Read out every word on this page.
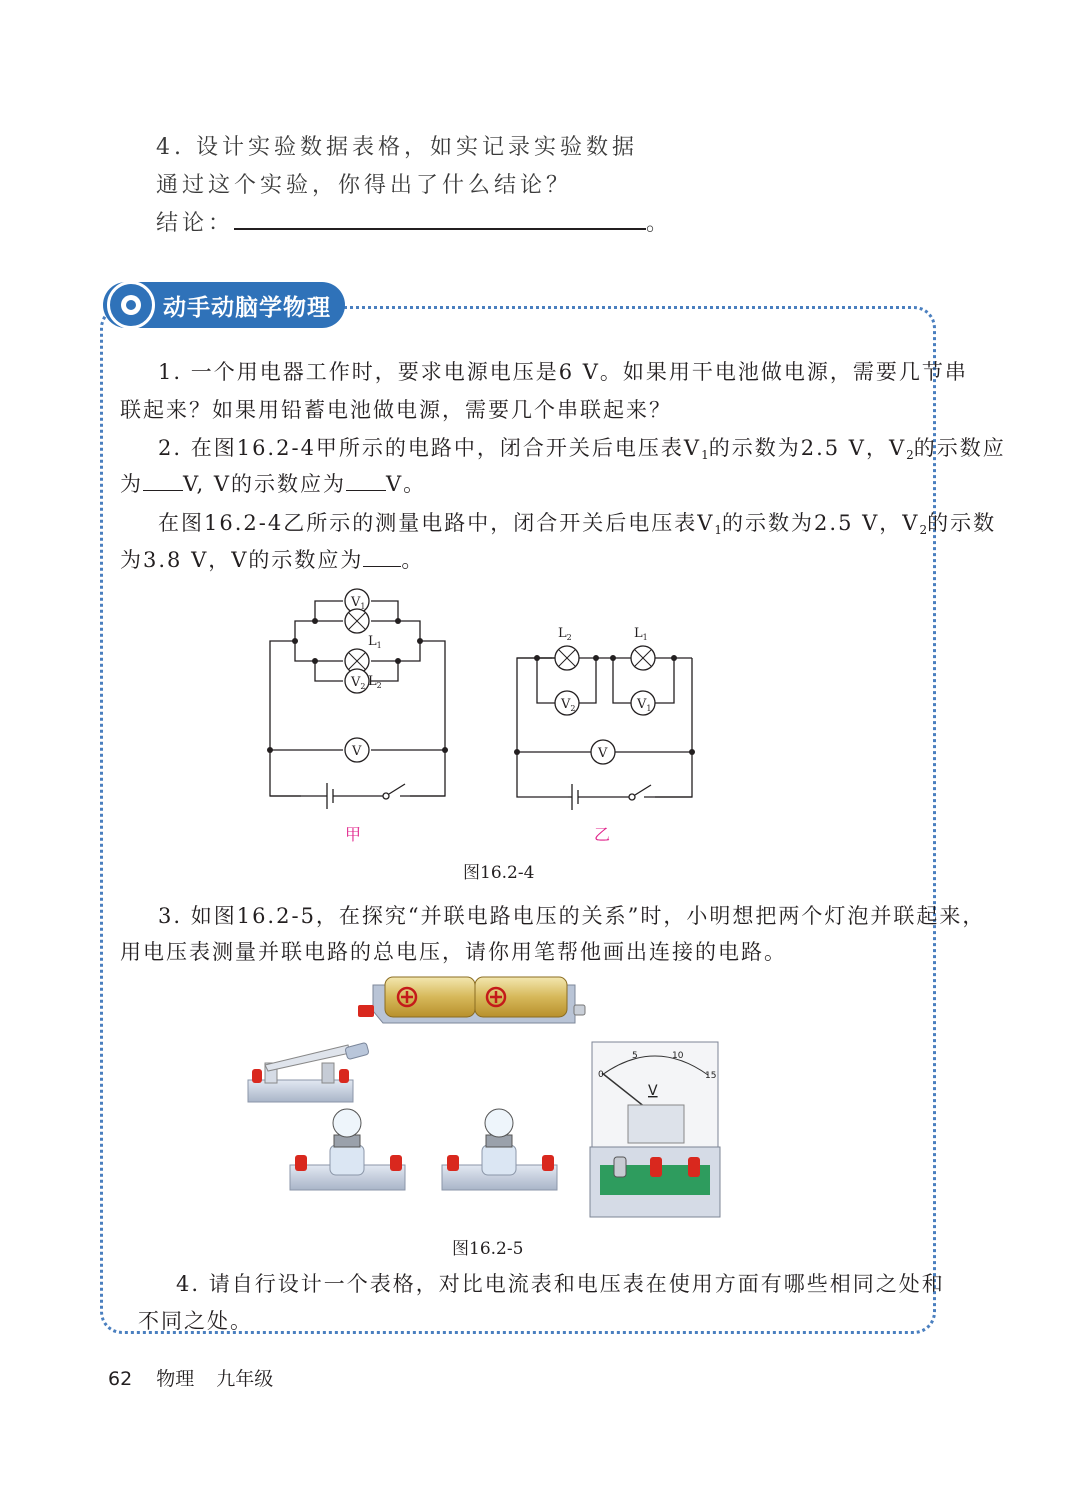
4. 设计实验数据表格，如实记录实验数据
通过这个实验，你得出了什么结论？
结论：	。
动手动脑学物理
1. 一个用电器工作时，要求电源电压是6 V。如果用干电池做电源，需要几节串
联起来？如果用铅蓄电池做电源，需要几个串联起来？
2. 在图16.2-4甲所示的电路中，闭合开关后电压表$V_1$的示数为2.5 V，$V_2$的示数应
为 V, V的示数应为 V。
在图16.2-4乙所示的测量电路中，闭合开关后电压表$V_1$的示数为2.5 V，$V_2$的示数
为3.8 V，V的示数应为 。
$V_1$
$V_2$
V
$L_1$
$L_2$
$L_2$	$L_1$
$V_2$	$V_1$
V
甲	乙
图16.2-4
3. 如图16.2-5，在探究“并联电路电压的关系”时，小明想把两个灯泡并联起来，
用电压表测量并联电路的总电压，请你用笔帮他画出连接的电路。
V
0
5	10
15
图16.2-5
4. 请自行设计一个表格，对比电流表和电压表在使用方面有哪些相同之处和
不同之处。
62 物理 九年级
